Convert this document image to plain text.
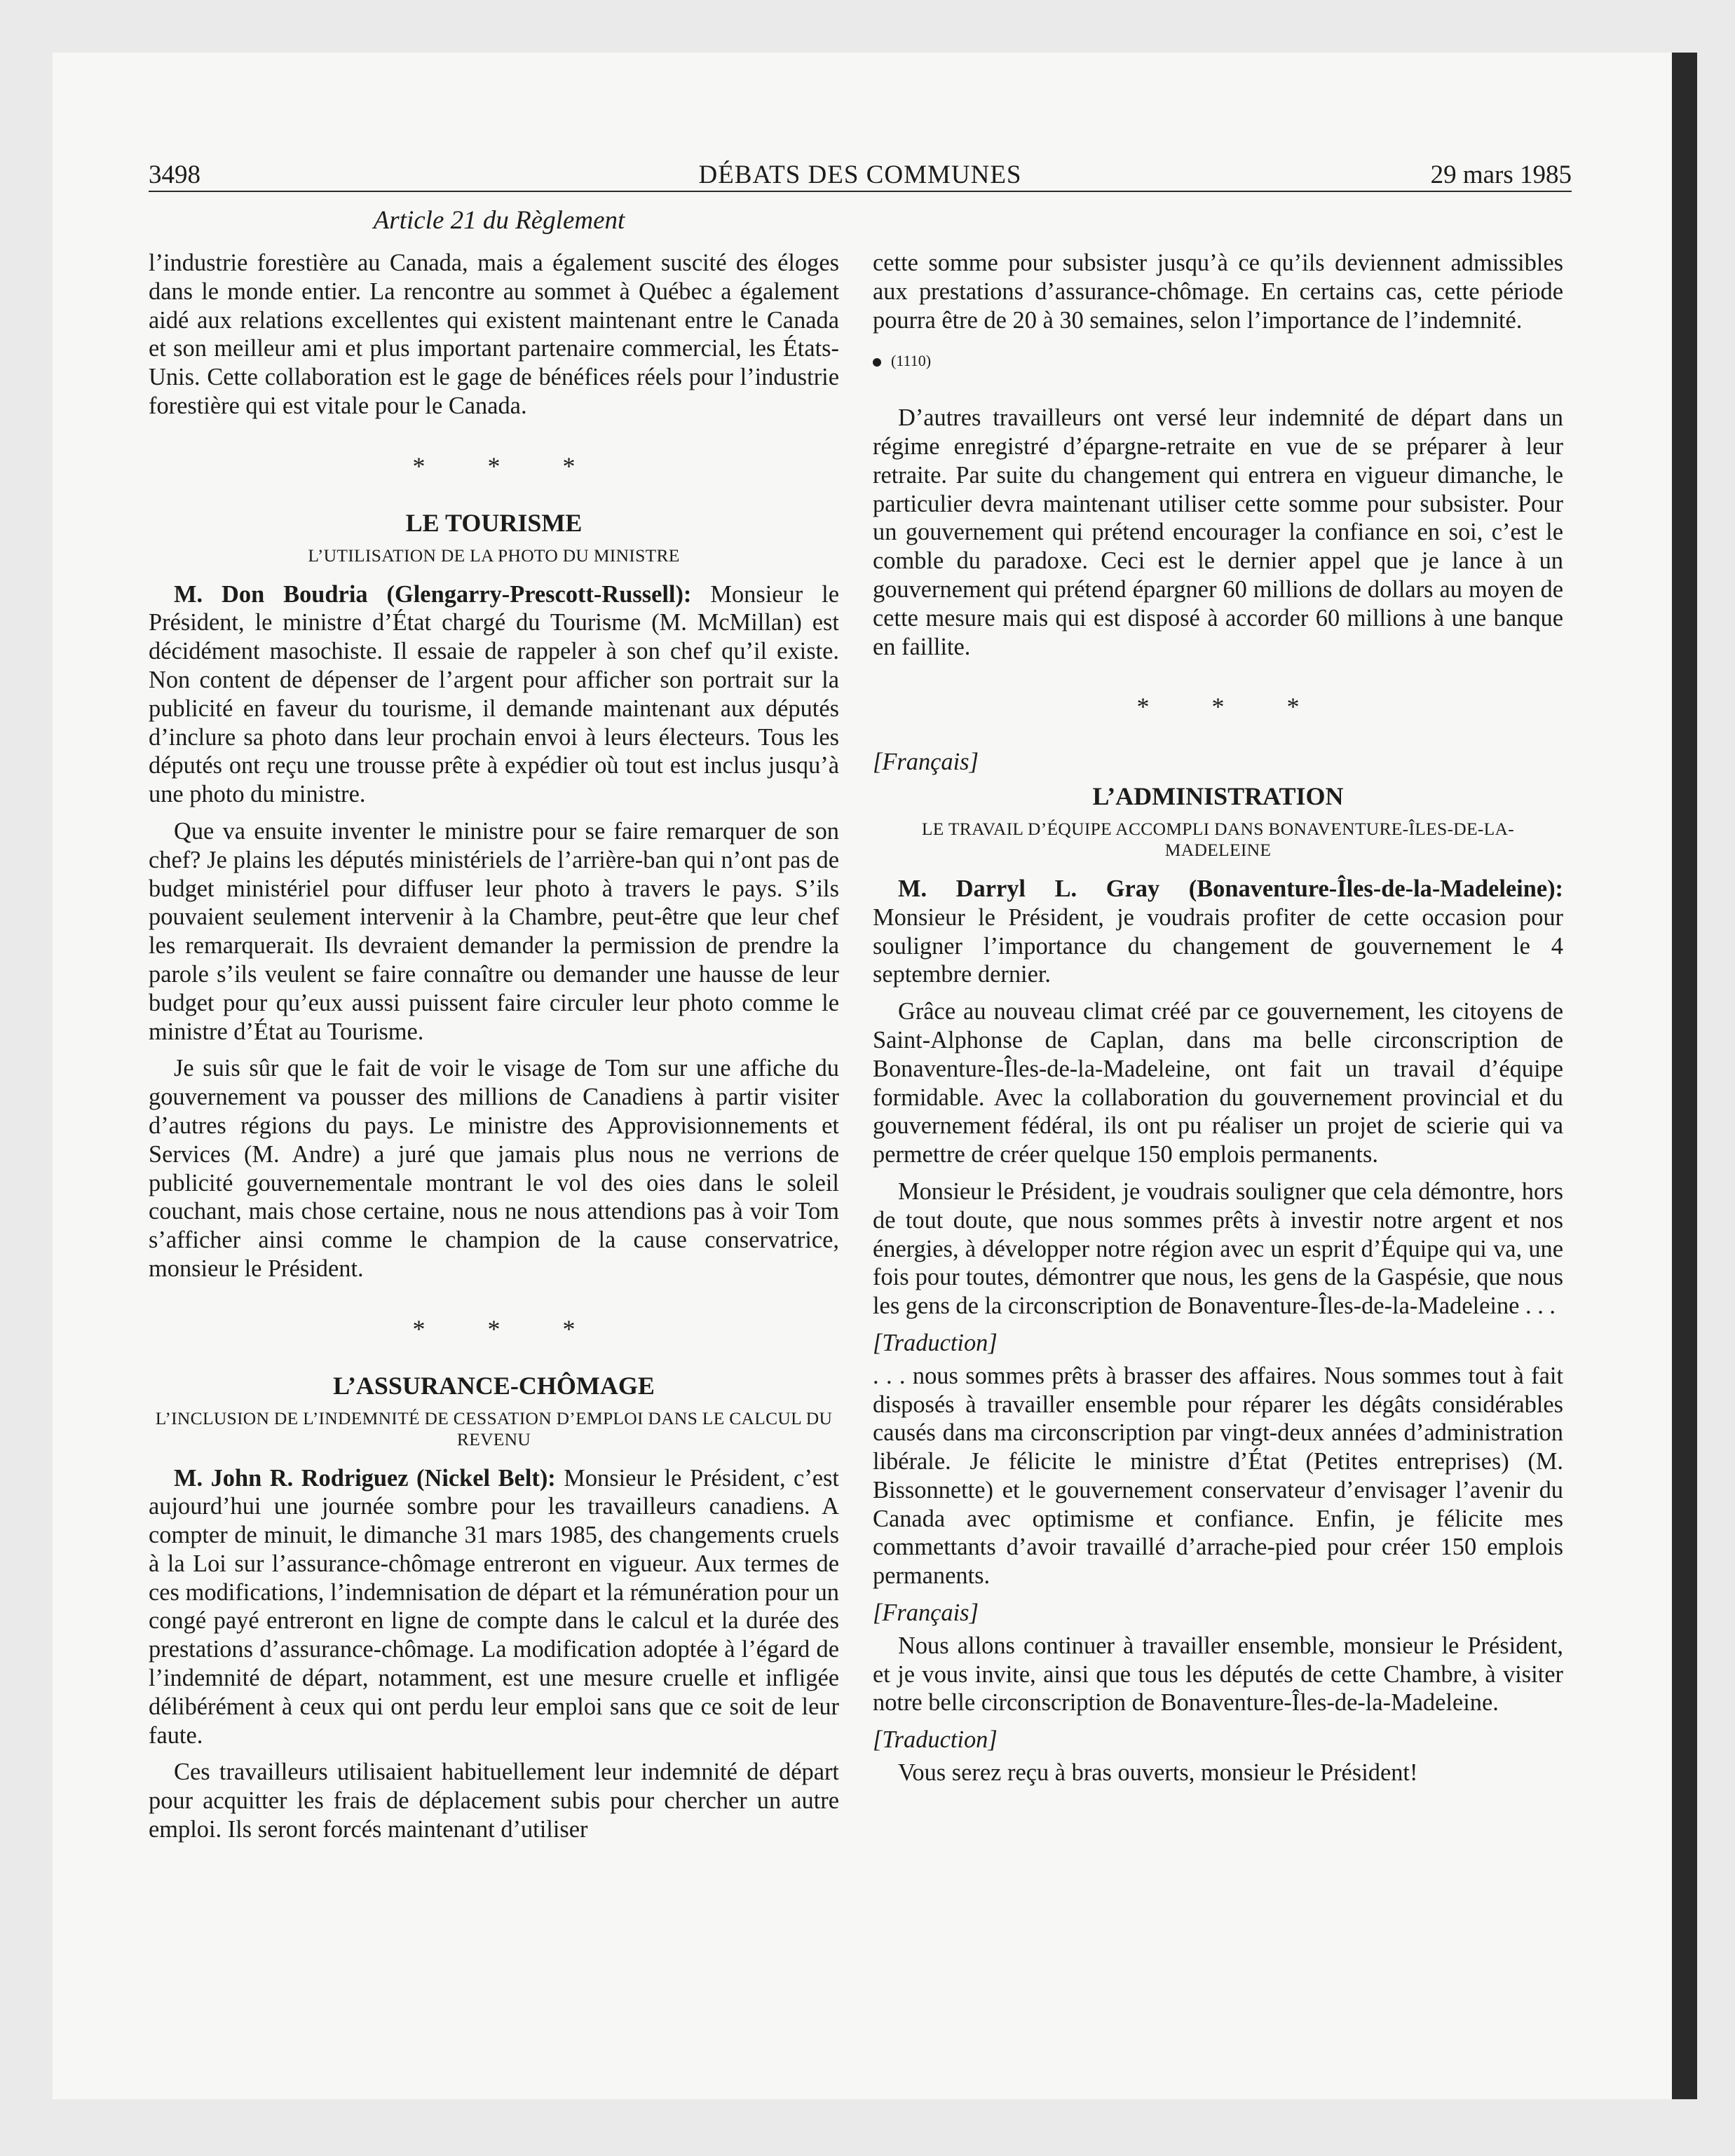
3498	DÉBATS DES COMMUNES	29 mars 1985
Article 21 du Règlement

l’industrie forestière au Canada, mais a également suscité des éloges dans le monde entier. La rencontre au sommet à Québec a également aidé aux relations excellentes qui existent maintenant entre le Canada et son meilleur ami et plus important partenaire commercial, les États-Unis. Cette collaboration est le gage de bénéfices réels pour l’industrie forestière qui est vitale pour le Canada.

* * *
LE TOURISME
L’UTILISATION DE LA PHOTO DU MINISTRE

M. Don Boudria (Glengarry-Prescott-Russell): Monsieur le Président, le ministre d’État chargé du Tourisme (M. McMillan) est décidément masochiste. Il essaie de rappeler à son chef qu’il existe. Non content de dépenser de l’argent pour afficher son portrait sur la publicité en faveur du tourisme, il demande maintenant aux députés d’inclure sa photo dans leur prochain envoi à leurs électeurs. Tous les députés ont reçu une trousse prête à expédier où tout est inclus jusqu’à une photo du ministre.

Que va ensuite inventer le ministre pour se faire remarquer de son chef? Je plains les députés ministériels de l’arrière-ban qui n’ont pas de budget ministériel pour diffuser leur photo à travers le pays. S’ils pouvaient seulement intervenir à la Chambre, peut-être que leur chef les remarquerait. Ils devraient demander la permission de prendre la parole s’ils veulent se faire connaître ou demander une hausse de leur budget pour qu’eux aussi puissent faire circuler leur photo comme le ministre d’État au Tourisme.

Je suis sûr que le fait de voir le visage de Tom sur une affiche du gouvernement va pousser des millions de Canadiens à partir visiter d’autres régions du pays. Le ministre des Approvisionnements et Services (M. Andre) a juré que jamais plus nous ne verrions de publicité gouvernementale montrant le vol des oies dans le soleil couchant, mais chose certaine, nous ne nous attendions pas à voir Tom s’afficher ainsi comme le champion de la cause conservatrice, monsieur le Président.

* * *
L’ASSURANCE-CHÔMAGE
L’INCLUSION DE L’INDEMNITÉ DE CESSATION D’EMPLOI DANS LE CALCUL DU REVENU

M. John R. Rodriguez (Nickel Belt): Monsieur le Président, c’est aujourd’hui une journée sombre pour les travailleurs canadiens. A compter de minuit, le dimanche 31 mars 1985, des changements cruels à la Loi sur l’assurance-chômage entreront en vigueur. Aux termes de ces modifications, l’indemnisation de départ et la rémunération pour un congé payé entreront en ligne de compte dans le calcul et la durée des prestations d’assurance-chômage. La modification adoptée à l’égard de l’indemnité de départ, notamment, est une mesure cruelle et infligée délibérément à ceux qui ont perdu leur emploi sans que ce soit de leur faute.

Ces travailleurs utilisaient habituellement leur indemnité de départ pour acquitter les frais de déplacement subis pour chercher un autre emploi. Ils seront forcés maintenant d’utiliser

cette somme pour subsister jusqu’à ce qu’ils deviennent admissibles aux prestations d’assurance-chômage. En certains cas, cette période pourra être de 20 à 30 semaines, selon l’importance de l’indemnité.

(1110)

D’autres travailleurs ont versé leur indemnité de départ dans un régime enregistré d’épargne-retraite en vue de se préparer à leur retraite. Par suite du changement qui entrera en vigueur dimanche, le particulier devra maintenant utiliser cette somme pour subsister. Pour un gouvernement qui prétend encourager la confiance en soi, c’est le comble du paradoxe. Ceci est le dernier appel que je lance à un gouvernement qui prétend épargner 60 millions de dollars au moyen de cette mesure mais qui est disposé à accorder 60 millions à une banque en faillite.

* * *
[Français]
L’ADMINISTRATION
LE TRAVAIL D’ÉQUIPE ACCOMPLI DANS BONAVENTURE-ÎLES-DE-LA-MADELEINE

M. Darryl L. Gray (Bonaventure-Îles-de-la-Madeleine): Monsieur le Président, je voudrais profiter de cette occasion pour souligner l’importance du changement de gouvernement le 4 septembre dernier.

Grâce au nouveau climat créé par ce gouvernement, les citoyens de Saint-Alphonse de Caplan, dans ma belle circonscription de Bonaventure-Îles-de-la-Madeleine, ont fait un travail d’équipe formidable. Avec la collaboration du gouvernement provincial et du gouvernement fédéral, ils ont pu réaliser un projet de scierie qui va permettre de créer quelque 150 emplois permanents.

Monsieur le Président, je voudrais souligner que cela démontre, hors de tout doute, que nous sommes prêts à investir notre argent et nos énergies, à développer notre région avec un esprit d’Équipe qui va, une fois pour toutes, démontrer que nous, les gens de la Gaspésie, que nous les gens de la circonscription de Bonaventure-Îles-de-la-Madeleine . . .

[Traduction]

. . . nous sommes prêts à brasser des affaires. Nous sommes tout à fait disposés à travailler ensemble pour réparer les dégâts considérables causés dans ma circonscription par vingt-deux années d’administration libérale. Je félicite le ministre d’État (Petites entreprises) (M. Bissonnette) et le gouvernement conservateur d’envisager l’avenir du Canada avec optimisme et confiance. Enfin, je félicite mes commettants d’avoir travaillé d’arrache-pied pour créer 150 emplois permanents.

[Français]

Nous allons continuer à travailler ensemble, monsieur le Président, et je vous invite, ainsi que tous les députés de cette Chambre, à visiter notre belle circonscription de Bonaventure-Îles-de-la-Madeleine.

[Traduction]

Vous serez reçu à bras ouverts, monsieur le Président!
